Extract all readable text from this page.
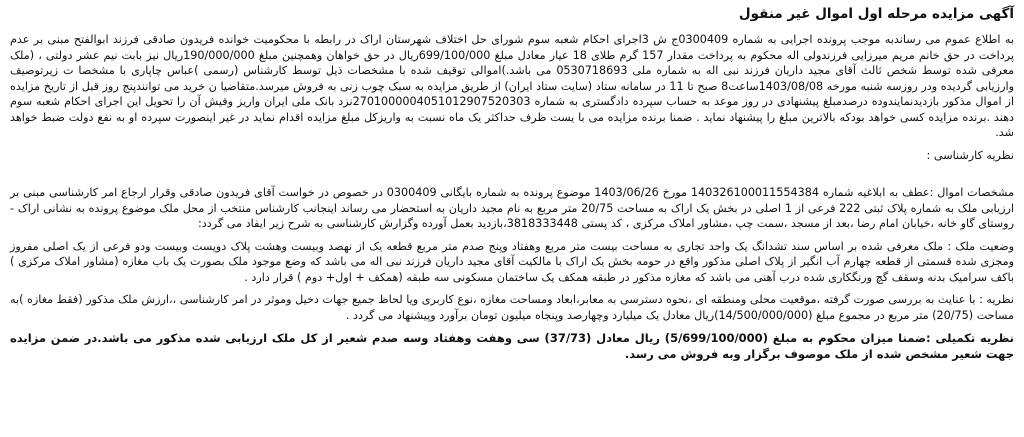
آگهی مزایده مرحله اول اموال غیر منقول

به اطلاع عموم می رساندبه موجب پرونده اجرایی به شماره 0300409ج ش 3اجرای احکام شعبه سوم شورای حل اختلاف شهرستان اراک در رابطه با محکومیت خوانده فریدون صادقی فرزند ابوالفتح مبنی بر عدم پرداخت در حق خانم مریم میرزایی فرزندولی اله محکوم به پرداخت مقدار 157 گرم طلای 18 عیار معادل مبلغ 699/100/000ریال در حق خواهان وهمچنین مبلغ 190/000/000ریال نیز بابت نیم عشر دولتی ، (ملک معرفی شده توسط شخص ثالث آقای مجید داریان فرزند نبی اله به شماره ملی 0530718693 می باشد.)اموالی توقیف شده با مشخصات ذیل توسط کارشناس (رسمی )عباس چاپاری با مشخصا ت زیرتوصیف وارزیابی گردیده ودر روزسه شنبه مورخه 1403/08/08ساعت8 صبح تا 11 در سامانه ستاد (سایت ستاد ایران) از طریق مزایده به سبک چوب زنی به فروش میرسد.متقاضیا ن خرید می توانندپنج روز قبل از تاریخ مزایده از اموال مذکور بازدیدنمایندوده درصدمبلغ پیشنهادی در روز موعد به حساب سپرده دادگستری به شماره 2701000004051012907520303نزد بانک ملی ایران واریز وفیش آن را تحویل این اجرای احکام شعبه سوم دهند .برنده مزایده کسی خواهد بودکه بالاترین مبلغ را پیشنهاد نماید . ضمنا برنده مزایده می با یست ظرف حداکثر یک ماه نسبت به واریزکل مبلغ مزایده اقدام نماید در غیر اینصورت سپرده او به نفع دولت ضبط خواهد شد.

نظریه کارشناسی :

مشخصات اموال :عطف به ابلاغیه شماره 140326100011554384 مورخ 1403/06/26 موضوع پرونده به شماره بایگانی 0300409 در خصوص در خواست آقای فریدون صادقی وقرار ارجاع امر کارشناسی مبنی بر ارزیابی ملک به شماره پلاک ثبتی 222 فرعی از 1 اصلی در بخش یک اراک به مساحت 20/75 متر مربع به نام مجید داریان به استحضار می رساند اینجانب کارشناس منتخب از محل ملک موضوع پرونده به نشانی اراک - روستای گاو خانه ،خیابان امام رضا ،بعد از مسجد ،سمت چپ ،مشاور املاک مرکزی ، کد پستی 3818333448،بازدید بعمل آورده وگزارش کارشناسی به شرح زیر ایفاد می گردد:

وضعیت ملک : ملک معرفی شده بر اساس سند تشدانگ یک واحد تجاری به مساحت بیست متر مربع وهفتاد وپنج صدم متر مربع قطعه یک از نهصد وبیست وهشت پلاک دویست وبیست ودو فرعی از یک اصلی مفروز ومجزی شده قسمتی از قطعه چهارم آب انگیر از پلاک اصلی مذکور واقع در حومه بخش یک اراک با مالکیت آقای مجید داریان فرزند نبی اله می باشد که وضع موجود ملک بصورت یک باب مغازه (مشاور املاک مرکزی ) باکف سرامیک بدنه وسقف گچ ورنگکاری شده درب آهنی می باشد که مغازه مذکور در طبقه همکف یک ساختمان مسکونی سه طبقه (همکف + اول+ دوم ) قرار دارد .

نظریه : با عنایت به بررسی صورت گرفته ،موقعیت محلی ومنطقه ای ،نحوه دسترسی به معابر،ابعاد ومساحت مغازه ،نوع کاربری ویا لحاظ جمیع جهات دخیل وموثر در امر کارشناسی ،،ارزش ملک مذکور (فقط مغازه )به مساحت (20/75) متر مربع در مجموع مبلغ (14/500/000/000)ریال معادل یک میلیارد وچهارصد وپنجاه میلیون تومان برآورد وپیشنهاد می گردد .

نظریه تکمیلی :ضمنا میزان محکوم به مبلغ (5/699/100/000) ریال معادل (37/73) سی وهفت وهفتاد وسه صدم شعیر از کل ملک ارزیابی شده مذکور می باشد.در ضمن مزایده جهت شعیر مشخص شده از ملک موصوف برگزار وبه فروش می رسد.
